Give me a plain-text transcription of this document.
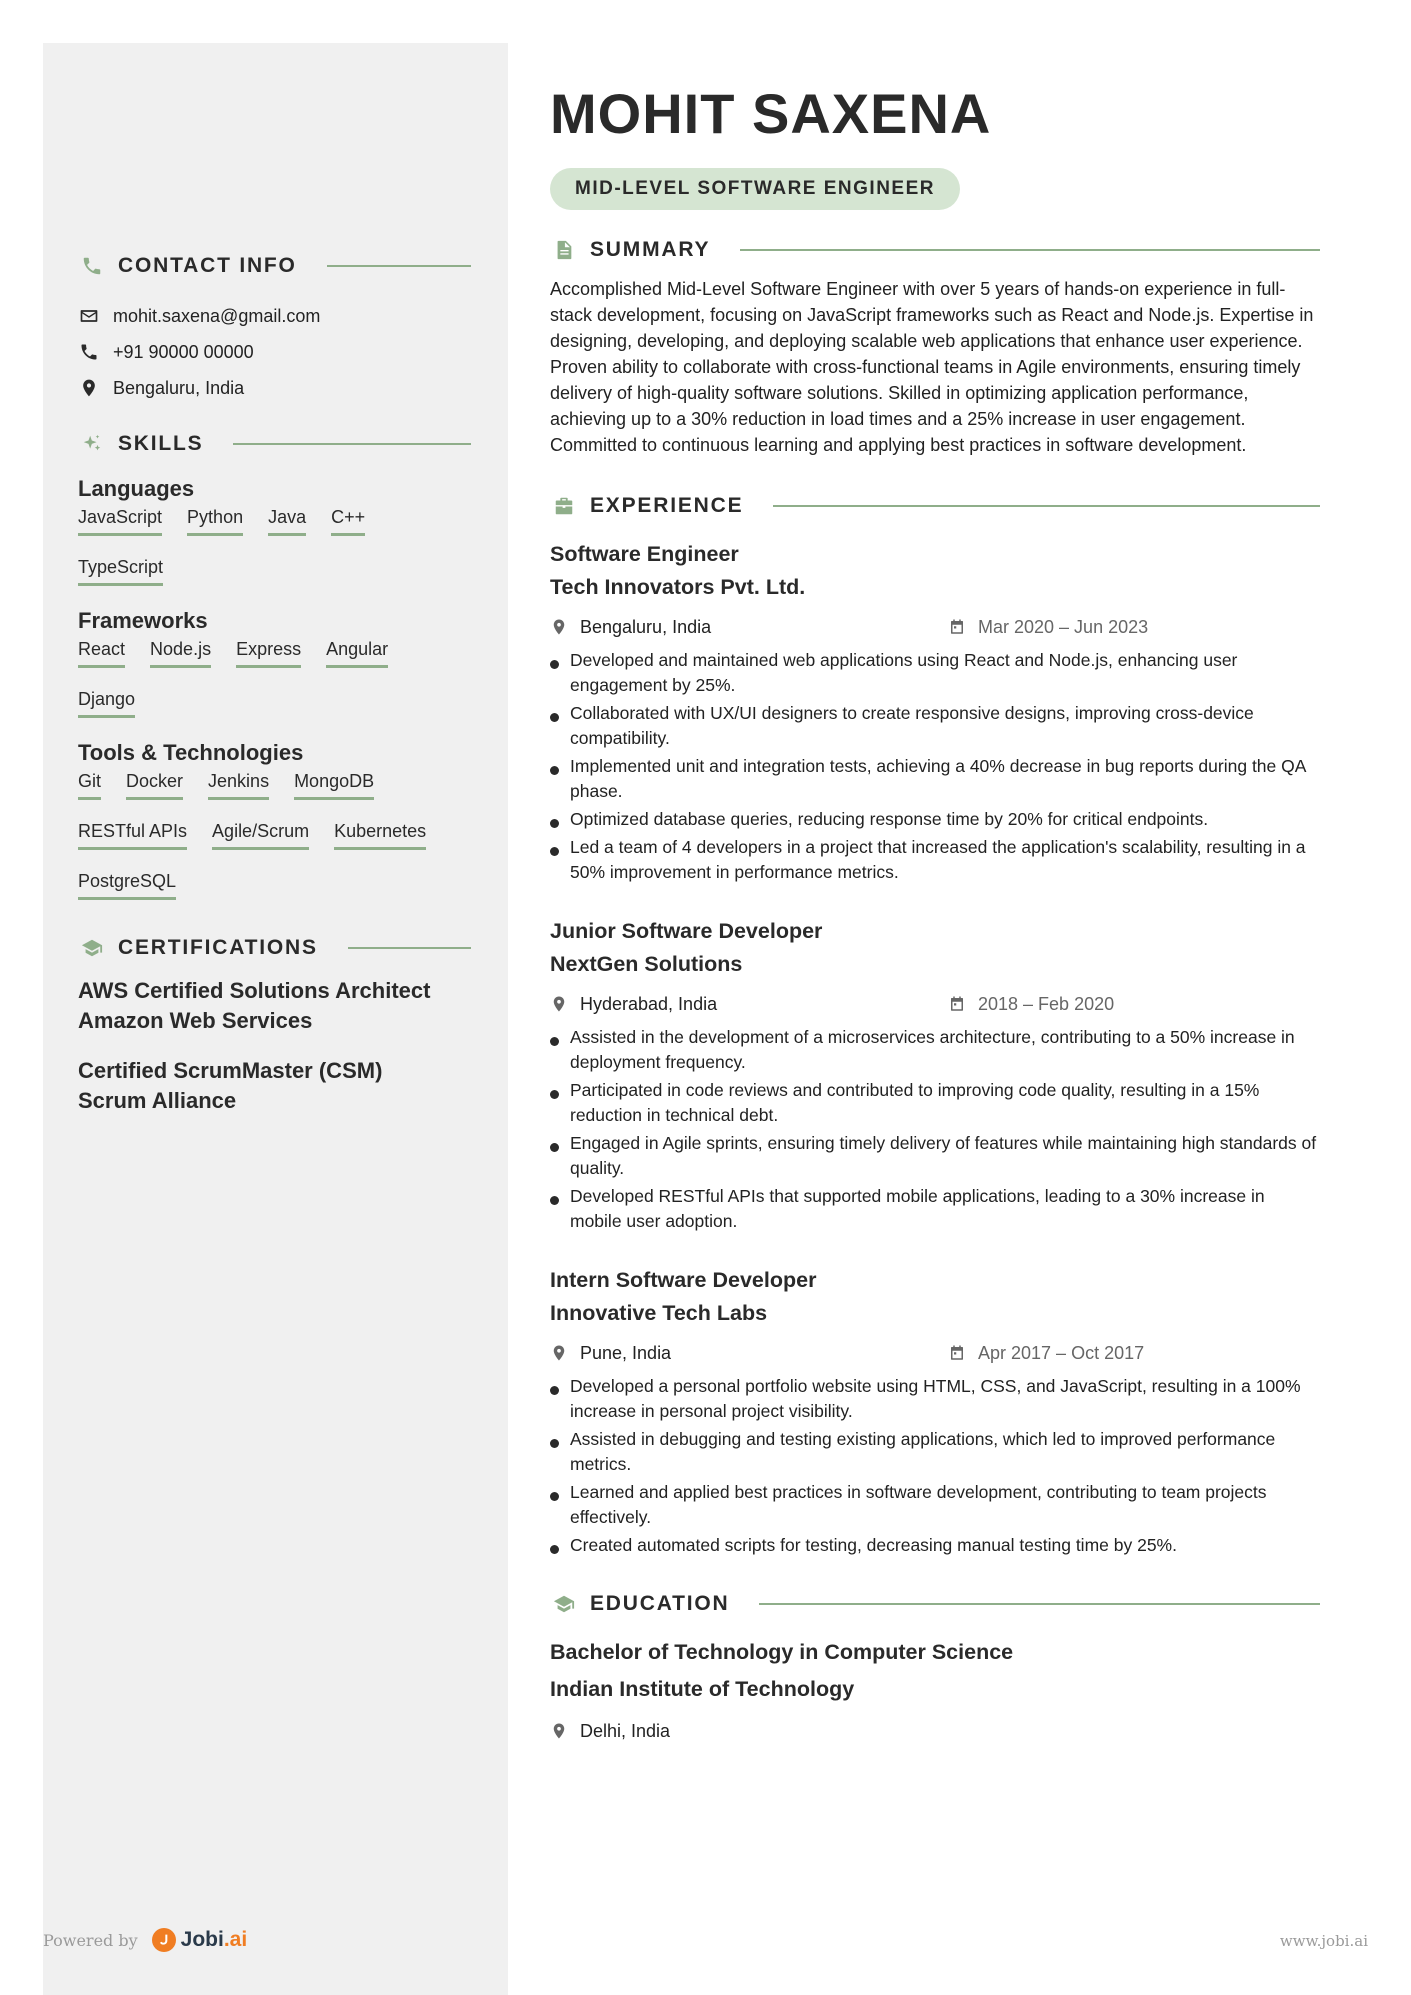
CONTACT INFO
mohit.saxena@gmail.com
+91 90000 00000
Bengaluru, India
SKILLS
Languages
JavaScript Python Java C++
TypeScript
Frameworks
React Node.js Express Angular
Django
Tools & Technologies
Git Docker Jenkins MongoDB
RESTful APIs Agile/Scrum Kubernetes
PostgreSQL
CERTIFICATIONS
AWS Certified Solutions Architect
Amazon Web Services
Certified ScrumMaster (CSM)
Scrum Alliance
MOHIT SAXENA
MID-LEVEL SOFTWARE ENGINEER
SUMMARY

Accomplished Mid-Level Software Engineer with over 5 years of hands-on experience in full-stack development, focusing on JavaScript frameworks such as React and Node.js. Expertise in designing, developing, and deploying scalable web applications that enhance user experience. Proven ability to collaborate with cross-functional teams in Agile environments, ensuring timely delivery of high-quality software solutions. Skilled in optimizing application performance, achieving up to a 30% reduction in load times and a 25% increase in user engagement. Committed to continuous learning and applying best practices in software development.

EXPERIENCE
Software Engineer
Tech Innovators Pvt. Ltd.
Bengaluru, India	Mar 2020 – Jun 2023
Developed and maintained web applications using React and Node.js, enhancing user engagement by 25%.
Collaborated with UX/UI designers to create responsive designs, improving cross-device compatibility.
Implemented unit and integration tests, achieving a 40% decrease in bug reports during the QA phase.
Optimized database queries, reducing response time by 20% for critical endpoints.
Led a team of 4 developers in a project that increased the application's scalability, resulting in a 50% improvement in performance metrics.
Junior Software Developer
NextGen Solutions
Hyderabad, India	2018 – Feb 2020
Assisted in the development of a microservices architecture, contributing to a 50% increase in deployment frequency.
Participated in code reviews and contributed to improving code quality, resulting in a 15% reduction in technical debt.
Engaged in Agile sprints, ensuring timely delivery of features while maintaining high standards of quality.
Developed RESTful APIs that supported mobile applications, leading to a 30% increase in mobile user adoption.
Intern Software Developer
Innovative Tech Labs
Pune, India	Apr 2017 – Oct 2017
Developed a personal portfolio website using HTML, CSS, and JavaScript, resulting in a 100% increase in personal project visibility.
Assisted in debugging and testing existing applications, which led to improved performance metrics.
Learned and applied best practices in software development, contributing to team projects effectively.
Created automated scripts for testing, decreasing manual testing time by 25%.
EDUCATION
Bachelor of Technology in Computer Science
Indian Institute of Technology
Delhi, India
Powered by Jobi.ai	www.jobi.ai
